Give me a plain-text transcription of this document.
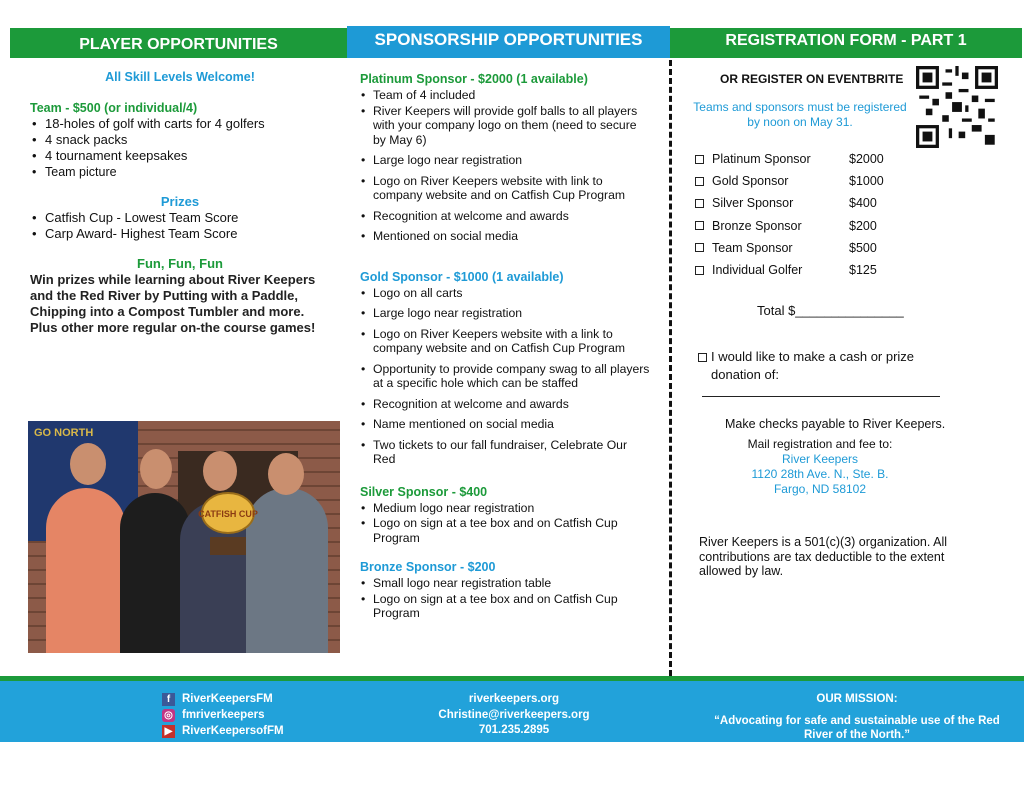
PLAYER OPPORTUNITIES	SPONSORSHIP OPPORTUNITIES	REGISTRATION FORM - PART 1
All Skill Levels Welcome!
Team - $500 (or individual/4)
• 18-holes of golf with carts for 4 golfers
• 4 snack packs
• 4 tournament keepsakes
• Team picture
Prizes
• Catfish Cup - Lowest Team Score
• Carp Award- Highest Team Score
Fun, Fun, Fun
Win prizes while learning about River Keepers and the Red River by Putting with a Paddle, Chipping into a Compost Tumbler and more. Plus other more regular on-the course games!
GO NORTH
CATFISH CUP
Platinum Sponsor - $2000 (1 available)
• Team of 4 included
• River Keepers will provide golf balls to all players with your company logo on them (need to secure by May 6)
• Large logo near registration
• Logo on River Keepers website with link to company website and on Catfish Cup Program
• Recognition at welcome and awards
• Mentioned on social media
Gold Sponsor - $1000 (1 available)
• Logo on all carts
• Large logo near registration
• Logo on River Keepers website with a link to company website and on Catfish Cup Program
• Opportunity to provide company swag to all players at a specific hole which can be staffed
• Recognition at welcome and awards
• Name mentioned on social media
• Two tickets to our fall fundraiser, Celebrate Our Red
Silver Sponsor - $400
• Medium logo near registration
• Logo on sign at a tee box and on Catfish Cup Program
Bronze Sponsor - $200
• Small logo near registration table
• Logo on sign at a tee box and on Catfish Cup Program
OR REGISTER ON EVENTBRITE
Teams and sponsors must be registered by noon on May 31.
Platinum Sponsor	$2000
Gold Sponsor	$1000
Silver Sponsor	$400
Bronze Sponsor	$200
Team Sponsor	$500
Individual Golfer	$125
Total $_______________
I would like to make a cash or prize donation of:
Make checks payable to River Keepers.
Mail registration and fee to:
River Keepers
1120 28th Ave. N., Ste. B.
Fargo, ND 58102
River Keepers is a 501(c)(3) organization. All contributions are tax deductible to the extent allowed by law.
f	RiverKeepersFM
◎ fmriverkeepers
▶ RiverKeepersofFM
riverkeepers.org
Christine@riverkeepers.org
701.235.2895
OUR MISSION:
“Advocating for safe and sustainable use of the Red River of the North.”
